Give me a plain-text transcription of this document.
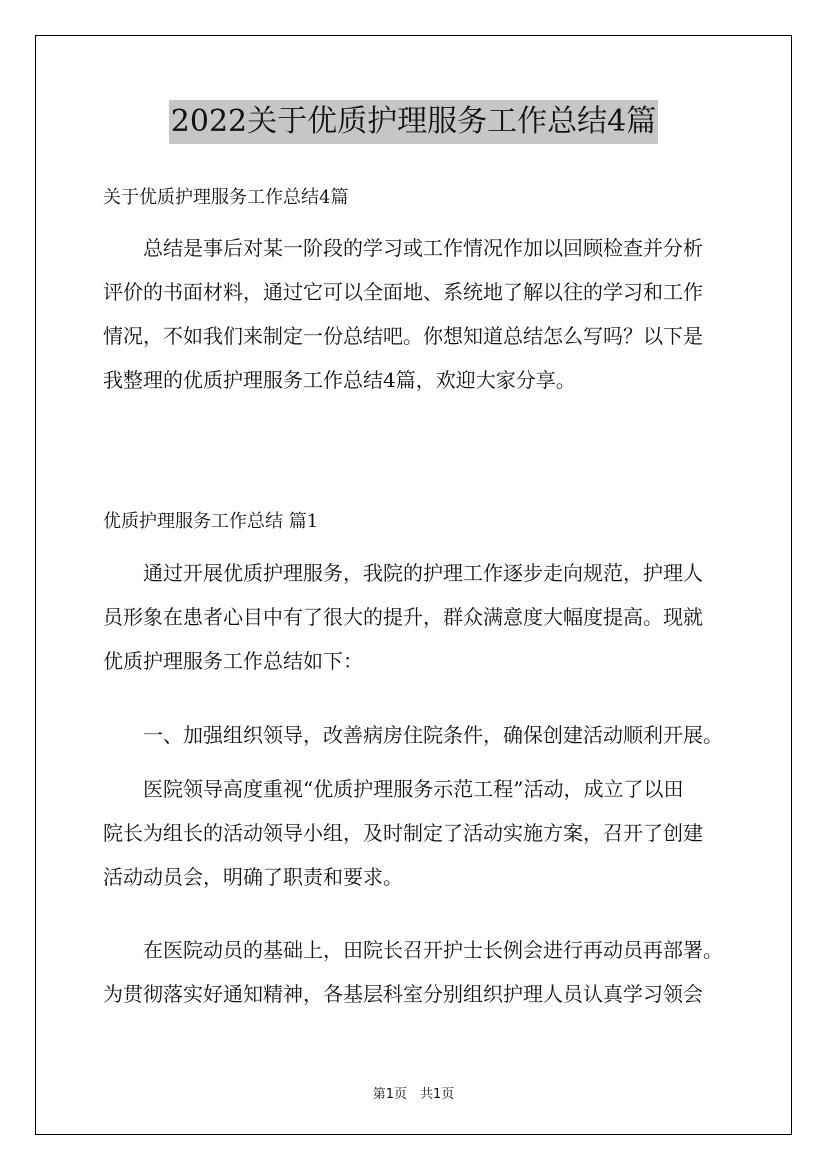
2022关于优质护理服务工作总结4篇
关于优质护理服务工作总结4篇

　　总结是事后对某一阶段的学习或工作情况作加以回顾检查并分析
评价的书面材料，通过它可以全面地、系统地了解以往的学习和工作
情况，不如我们来制定一份总结吧。你想知道总结怎么写吗？以下是
我整理的优质护理服务工作总结4篇，欢迎大家分享。

优质护理服务工作总结 篇1

　　通过开展优质护理服务，我院的护理工作逐步走向规范，护理人
员形象在患者心目中有了很大的提升，群众满意度大幅度提高。现就
优质护理服务工作总结如下：

　　一、加强组织领导，改善病房住院条件，确保创建活动顺利开展。

　　医院领导高度重视“优质护理服务示范工程”活动，成立了以田
院长为组长的活动领导小组，及时制定了活动实施方案，召开了创建
活动动员会，明确了职责和要求。

　　在医院动员的基础上，田院长召开护士长例会进行再动员再部署。
为贯彻落实好通知精神，各基层科室分别组织护理人员认真学习领会

第1页　共1页
